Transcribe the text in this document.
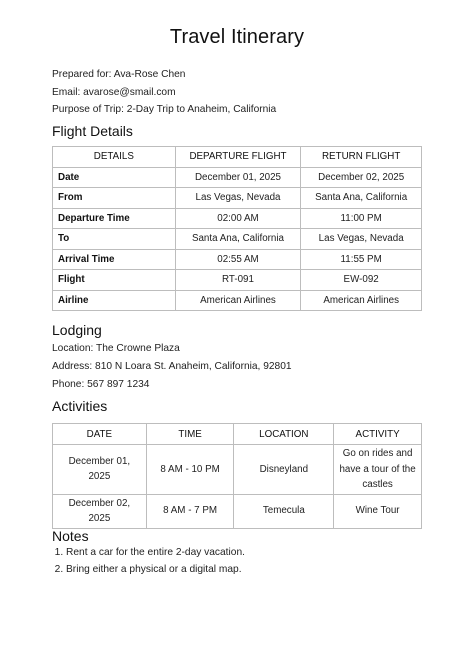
Travel Itinerary
Prepared for: Ava-Rose Chen
Email: avarose@smail.com
Purpose of Trip: 2-Day Trip to Anaheim, California
Flight Details
DETAILS	DEPARTURE FLIGHT	RETURN FLIGHT
Date	December 01, 2025	December 02, 2025
From	Las Vegas, Nevada	Santa Ana, California
Departure Time	02:00 AM	11:00 PM
To	Santa Ana, California	Las Vegas, Nevada
Arrival Time	02:55 AM	11:55 PM
Flight	RT-091	EW-092
Airline	American Airlines	American Airlines
Lodging
Location: The Crowne Plaza
Address: 810 N Loara St. Anaheim, California, 92801
Phone: 567 897 1234
Activities
DATE	TIME	LOCATION	ACTIVITY
December 01, 2025	8 AM - 10 PM	Disneyland	Go on rides and have a tour of the castles
December 02, 2025	8 AM - 7 PM	Temecula	Wine Tour
Notes
1. Rent a car for the entire 2-day vacation.
2. Bring either a physical or a digital map.
